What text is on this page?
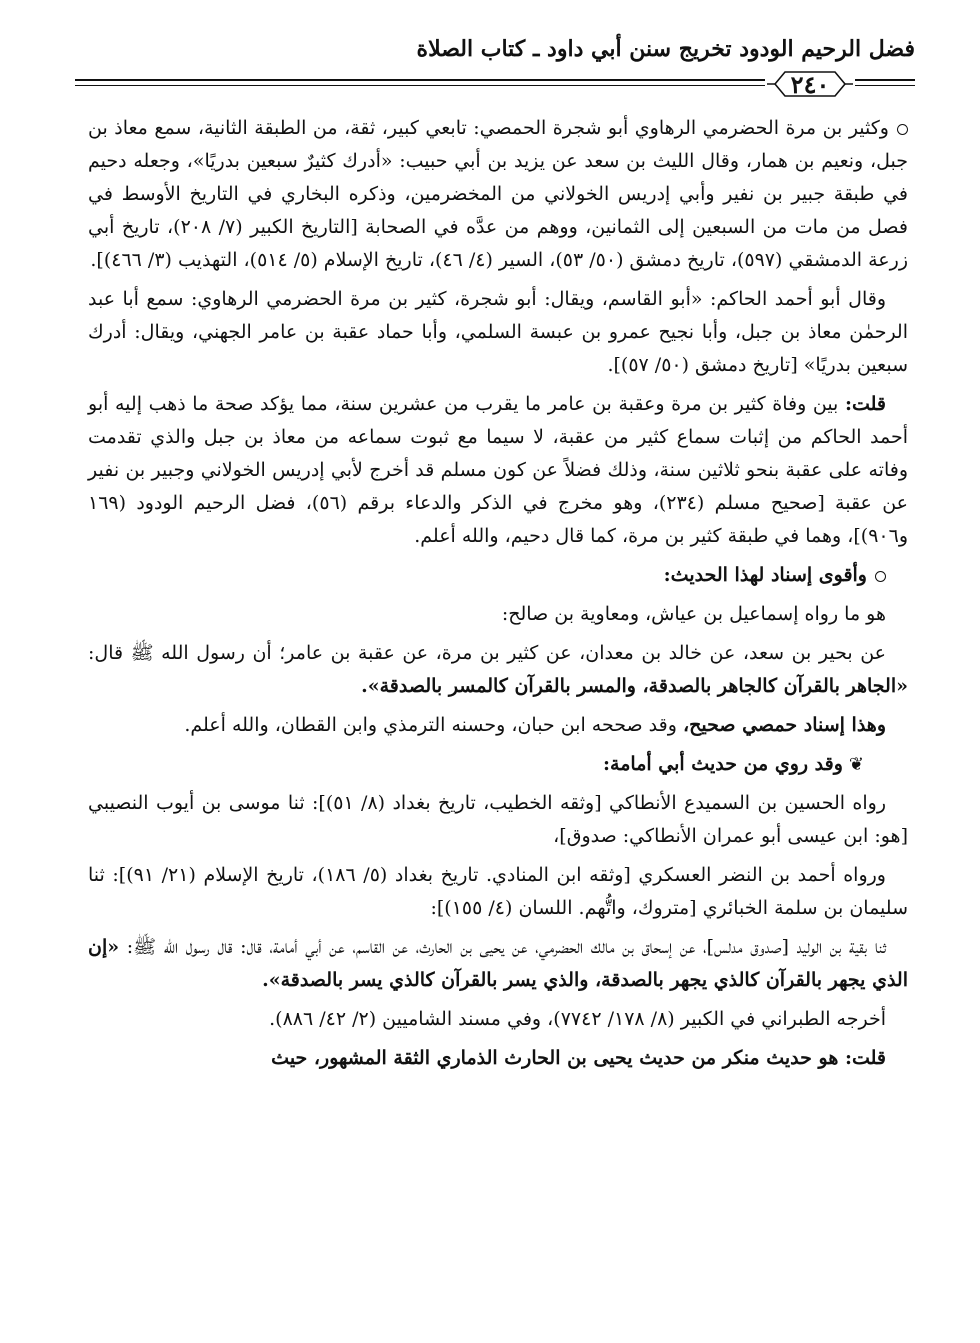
فضل الرحيم الودود تخريج سنن أبي داود ـ كتاب الصلاة
٢٤٠

وكثير بن مرة الحضرمي الرهاوي أبو شجرة الحمصي: تابعي كبير، ثقة، من الطبقة الثانية، سمع معاذ بن جبل، ونعيم بن همار، وقال الليث بن سعد عن يزيد بن أبي حبيب: «أدرك كثيرٌ سبعين بدريًا»، وجعله دحيم في طبقة جبير بن نفير وأبي إدريس الخولاني من المخضرمين، وذكره البخاري في التاريخ الأوسط في فصل من مات من السبعين إلى الثمانين، ووهم من عدَّه في الصحابة [التاريخ الكبير (٧/ ٢٠٨)، تاريخ أبي زرعة الدمشقي (٥٩٧)، تاريخ دمشق (٥٠/ ٥٣)، السير (٤/ ٤٦)، تاريخ الإسلام (٥/ ٥١٤)، التهذيب (٣/ ٤٦٦)].

وقال أبو أحمد الحاكم: «أبو القاسم، ويقال: أبو شجرة، كثير بن مرة الحضرمي الرهاوي: سمع أبا عبد الرحمٰن معاذ بن جبل، وأبا نجيح عمرو بن عبسة السلمي، وأبا حماد عقبة بن عامر الجهني، ويقال: أدرك سبعين بدريًا» [تاريخ دمشق (٥٠/ ٥٧)].

قلت: بين وفاة كثير بن مرة وعقبة بن عامر ما يقرب من عشرين سنة، مما يؤكد صحة ما ذهب إليه أبو أحمد الحاكم من إثبات سماع كثير من عقبة، لا سيما مع ثبوت سماعه من معاذ بن جبل والذي تقدمت وفاته على عقبة بنحو ثلاثين سنة، وذلك فضلاً عن كون مسلم قد أخرج لأبي إدريس الخولاني وجبير بن نفير عن عقبة [صحيح مسلم (٢٣٤)، وهو مخرج في الذكر والدعاء برقم (٥٦)، فضل الرحيم الودود (١٦٩ و٩٠٦)]، وهما في طبقة كثير بن مرة، كما قال دحيم، والله أعلم.

وأقوى إسناد لهذا الحديث:

هو ما رواه إسماعيل بن عياش، ومعاوية بن صالح:

عن بحير بن سعد، عن خالد بن معدان، عن كثير بن مرة، عن عقبة بن عامر؛ أن رسول الله ﷺ قال: «الجاهر بالقرآن كالجاهر بالصدقة، والمسر بالقرآن كالمسر بالصدقة».

وهذا إسناد حمصي صحيح، وقد صححه ابن حبان، وحسنه الترمذي وابن القطان، والله أعلم.

❦وقد روي من حديث أبي أمامة:

رواه الحسين بن السميدع الأنطاكي [وثقه الخطيب، تاريخ بغداد (٨/ ٥١)]: ثنا موسى بن أيوب النصيبي [هو: ابن عيسى أبو عمران الأنطاكي: صدوق]،

ورواه أحمد بن النضر العسكري [وثقه ابن المنادي. تاريخ بغداد (٥/ ١٨٦)، تاريخ الإسلام (٢١/ ٩١)]: ثنا سليمان بن سلمة الخبائري [متروك، واتُّهم. اللسان (٤/ ١٥٥)]:

ثنا بقية بن الوليد [صدوق مدلس]، عن إسحاق بن مالك الحضرمي، عن يحيى بن الحارث، عن القاسم، عن أبي أمامة، قال: قال رسول الله ﷺ: «إن الذي يجهر بالقرآن كالذي يجهر بالصدقة، والذي يسر بالقرآن كالذي يسر بالصدقة».

أخرجه الطبراني في الكبير (٨/ ١٧٨/ ٧٧٤٢)، وفي مسند الشاميين (٢/ ٤٢/ ٨٨٦).

قلت: هو حديث منكر من حديث يحيى بن الحارث الذماري الثقة المشهور، حيث
